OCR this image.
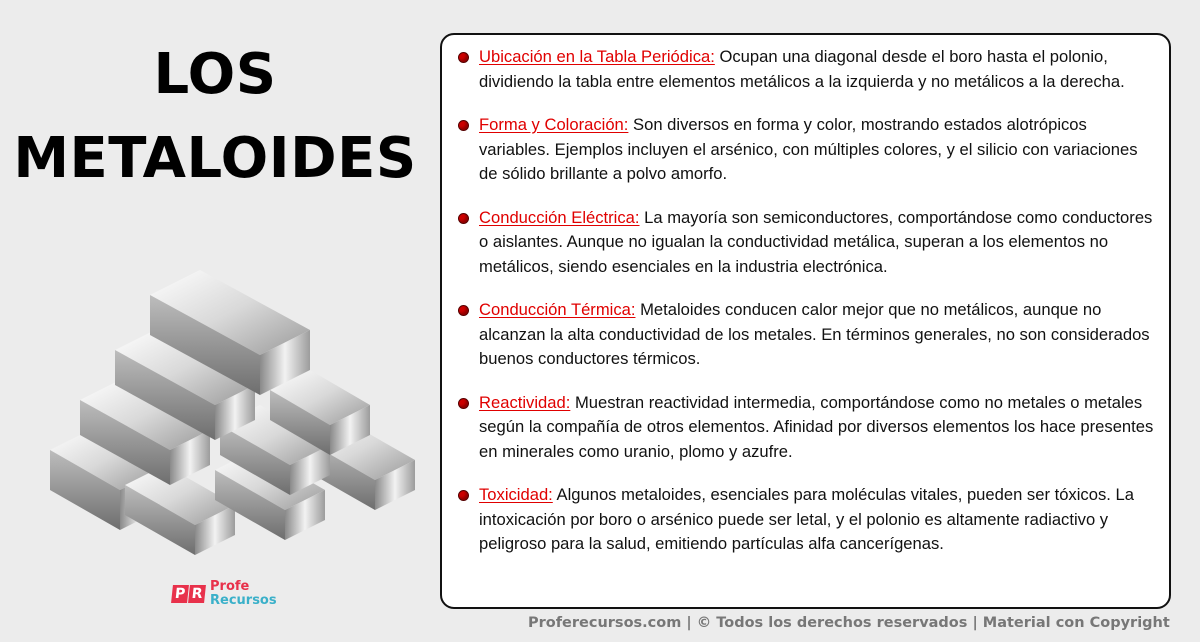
LOS
METALOIDES
P R Profe
Recursos

Ubicación en la Tabla Periódica: Ocupan una diagonal desde el boro hasta el polonio, dividiendo la tabla entre elementos metálicos a la izquierda y no metálicos a la derecha.

Forma y Coloración: Son diversos en forma y color, mostrando estados alotrópicos variables. Ejemplos incluyen el arsénico, con múltiples colores, y el silicio con variaciones de sólido brillante a polvo amorfo.

Conducción Eléctrica: La mayoría son semiconductores, comportándose como conductores o aislantes. Aunque no igualan la conductividad metálica, superan a los elementos no metálicos, siendo esenciales en la industria electrónica.

Conducción Térmica: Metaloides conducen calor mejor que no metálicos, aunque no alcanzan la alta conductividad de los metales. En términos generales, no son considerados buenos conductores térmicos.

Reactividad: Muestran reactividad intermedia, comportándose como no metales o metales según la compañía de otros elementos. Afinidad por diversos elementos los hace presentes en minerales como uranio, plomo y azufre.

Toxicidad: Algunos metaloides, esenciales para moléculas vitales, pueden ser tóxicos. La intoxicación por boro o arsénico puede ser letal, y el polonio es altamente radiactivo y peligroso para la salud, emitiendo partículas alfa cancerígenas.

Proferecursos.com | © Todos los derechos reservados | Material con Copyright
